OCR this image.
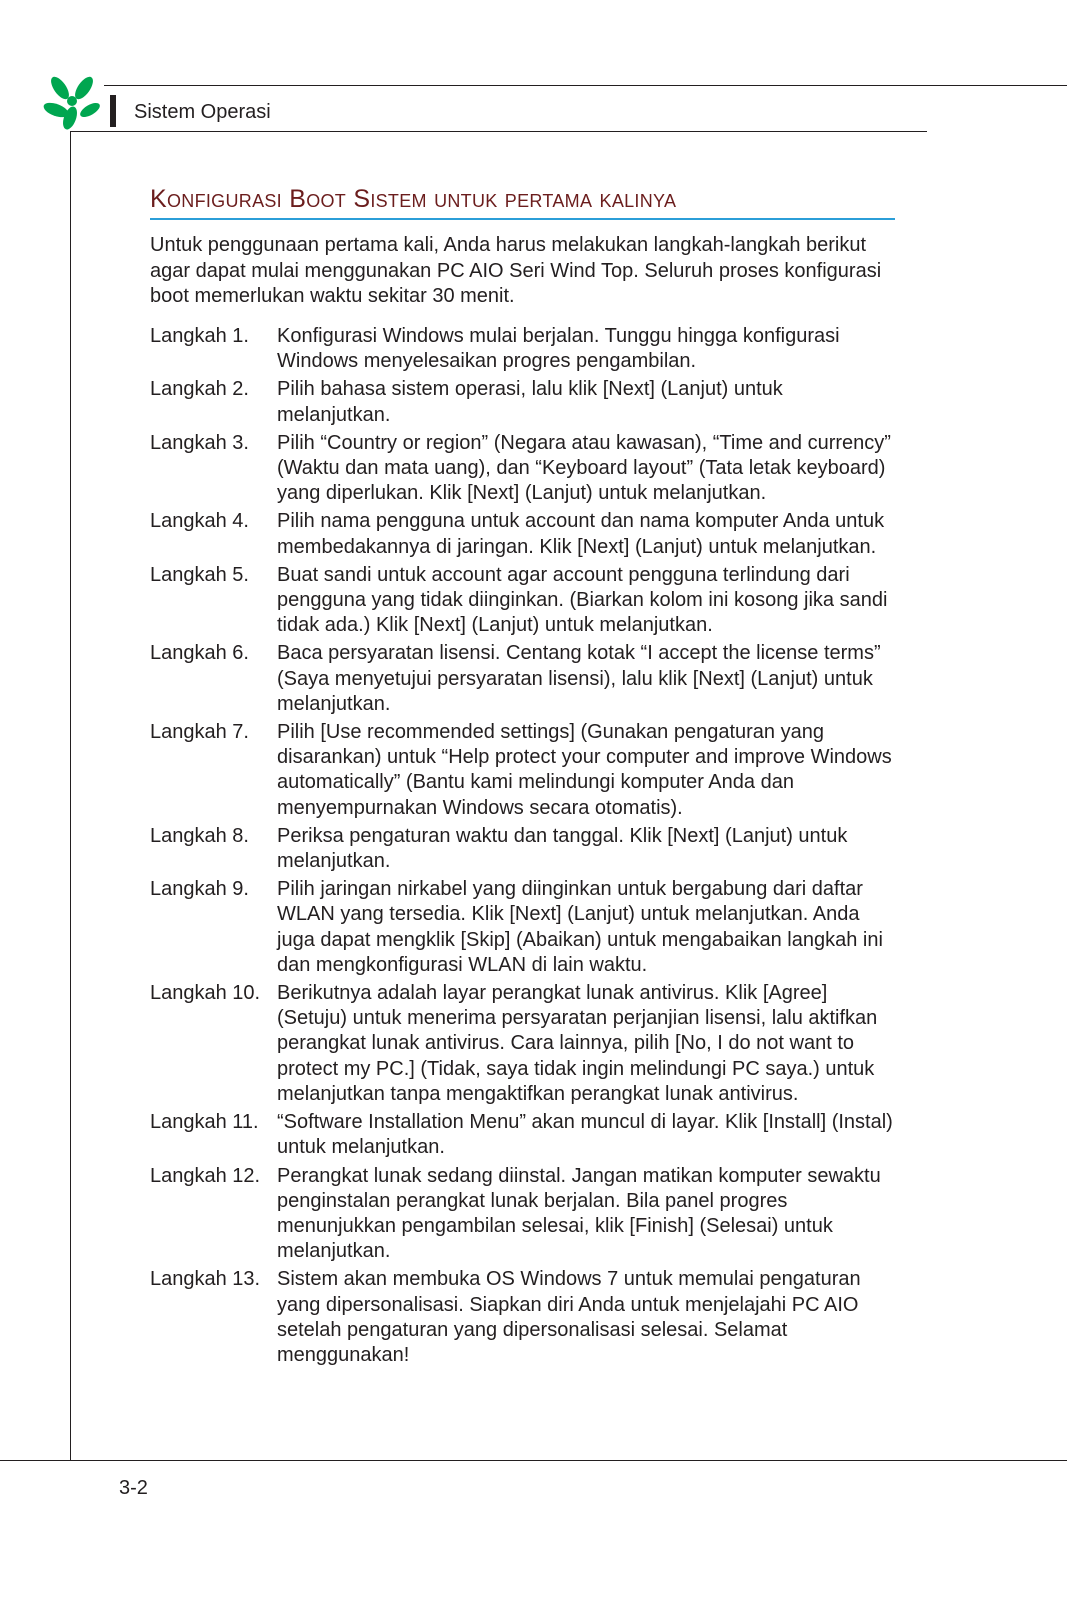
Sistem Operasi
Konfigurasi Boot Sistem untuk pertama kalinya

Untuk penggunaan pertama kali, Anda harus melakukan langkah-langkah berikut agar dapat mulai menggunakan PC AIO Seri Wind Top. Seluruh proses konfigurasi boot memerlukan waktu sekitar 30 menit.

Langkah 1.	Konfigurasi Windows mulai berjalan. Tunggu hingga konfigurasi Windows menyelesaikan progres pengambilan.
Langkah 2.	Pilih bahasa sistem operasi, lalu klik [Next] (Lanjut) untuk melanjutkan.
Langkah 3.	Pilih “Country or region” (Negara atau kawasan), “Time and currency” (Waktu dan mata uang), dan “Keyboard layout” (Tata letak keyboard) yang diperlukan. Klik [Next] (Lanjut) untuk melanjutkan.
Langkah 4.	Pilih nama pengguna untuk account dan nama komputer Anda untuk membedakannya di jaringan. Klik [Next] (Lanjut) untuk melanjutkan.
Langkah 5.	Buat sandi untuk account agar account pengguna terlindung dari pengguna yang tidak diinginkan. (Biarkan kolom ini kosong jika sandi tidak ada.) Klik [Next] (Lanjut) untuk melanjutkan.
Langkah 6.	Baca persyaratan lisensi. Centang kotak “I accept the license terms” (Saya menyetujui persyaratan lisensi), lalu klik [Next] (Lanjut) untuk melanjutkan.
Langkah 7.	Pilih [Use recommended settings] (Gunakan pengaturan yang disarankan) untuk “Help protect your computer and improve Windows automatically” (Bantu kami melindungi komputer Anda dan menyempurnakan Windows secara otomatis).
Langkah 8.	Periksa pengaturan waktu dan tanggal. Klik [Next] (Lanjut) untuk melanjutkan.
Langkah 9.	Pilih jaringan nirkabel yang diinginkan untuk bergabung dari daftar WLAN yang tersedia. Klik [Next] (Lanjut) untuk melanjutkan. Anda juga dapat mengklik [Skip] (Abaikan) untuk mengabaikan langkah ini dan mengkonfigurasi WLAN di lain waktu.
Langkah 10. Berikutnya adalah layar perangkat lunak antivirus. Klik [Agree] (Setuju) untuk menerima persyaratan perjanjian lisensi, lalu aktifkan perangkat lunak antivirus. Cara lainnya, pilih [No, I do not want to protect my PC.] (Tidak, saya tidak ingin melindungi PC saya.) untuk melanjutkan tanpa mengaktifkan perangkat lunak antivirus.
Langkah 11. “Software Installation Menu” akan muncul di layar. Klik [Install] (Instal) untuk melanjutkan.
Langkah 12. Perangkat lunak sedang diinstal. Jangan matikan komputer sewaktu penginstalan perangkat lunak berjalan. Bila panel progres menunjukkan pengambilan selesai, klik [Finish] (Selesai) untuk melanjutkan.
Langkah 13. Sistem akan membuka OS Windows 7 untuk memulai pengaturan yang dipersonalisasi. Siapkan diri Anda untuk menjelajahi PC AIO setelah pengaturan yang dipersonalisasi selesai. Selamat menggunakan!
3-2
